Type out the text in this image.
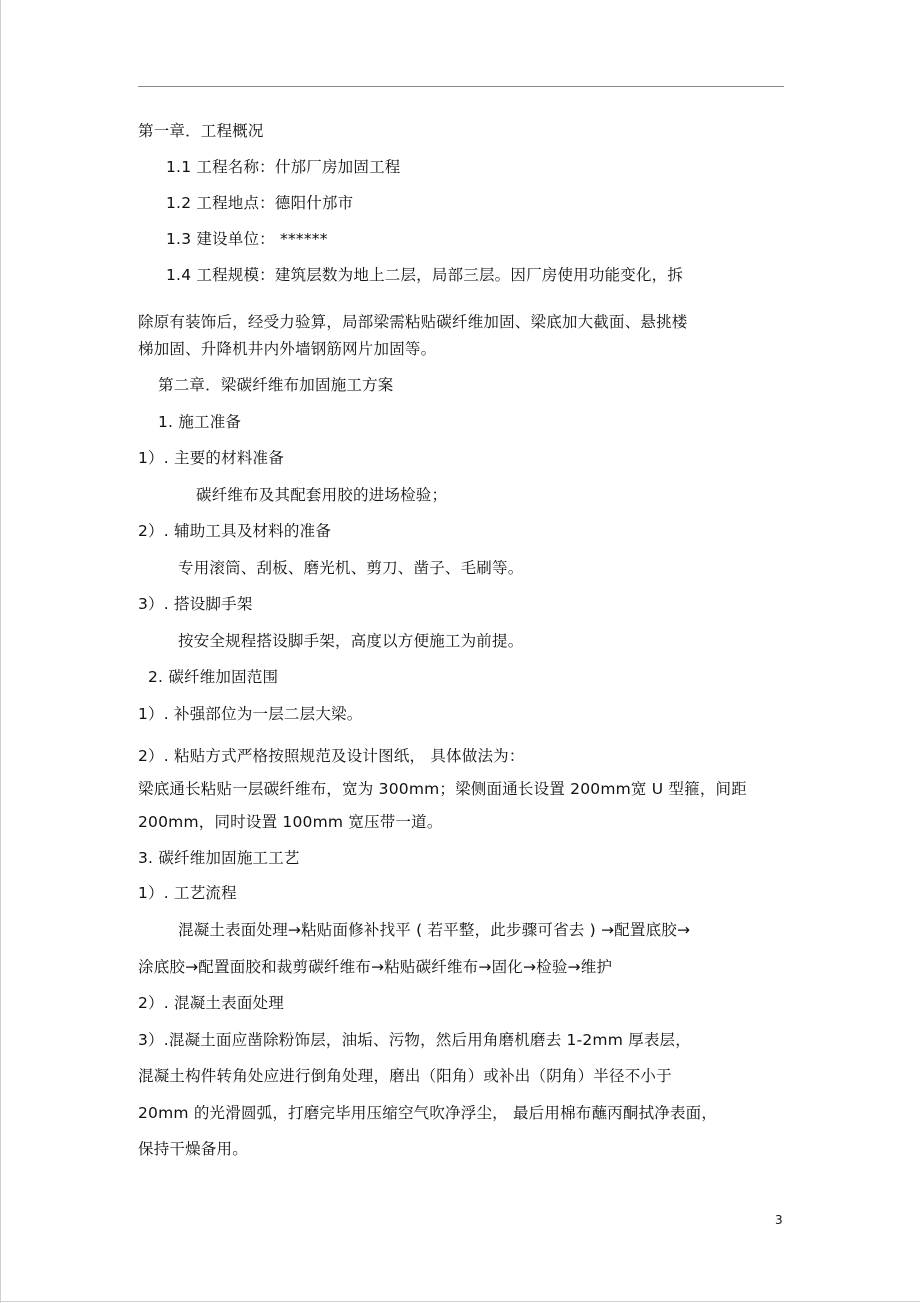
第一章．工程概况
1.1 工程名称：什邡厂房加固工程
1.2 工程地点：德阳什邡市
1.3 建设单位： ******
1.4 工程规模：建筑层数为地上二层，局部三层。因厂房使用功能变化，拆
除原有装饰后，经受力验算，局部梁需粘贴碳纤维加固、梁底加大截面、悬挑楼
梯加固、升降机井内外墙钢筋网片加固等。
第二章．梁碳纤维布加固施工方案
1. 施工准备
1）. 主要的材料准备
碳纤维布及其配套用胶的进场检验；
2）. 辅助工具及材料的准备
专用滚筒、刮板、磨光机、剪刀、凿子、毛刷等。
3）. 搭设脚手架
按安全规程搭设脚手架，高度以方便施工为前提。
2. 碳纤维加固范围
1）. 补强部位为一层二层大梁。
2）. 粘贴方式严格按照规范及设计图纸， 具体做法为：
梁底通长粘贴一层碳纤维布，宽为 300mm；梁侧面通长设置 200mm宽 U 型箍，间距
200mm，同时设置 100mm 宽压带一道。
3. 碳纤维加固施工工艺
1）. 工艺流程
混凝土表面处理→粘贴面修补找平 ( 若平整，此步骤可省去 ) →配置底胶→
涂底胶→配置面胶和裁剪碳纤维布→粘贴碳纤维布→固化→检验→维护
2）. 混凝土表面处理
3）.混凝土面应凿除粉饰层，油垢、污物，然后用角磨机磨去 1-2mm 厚表层，
混凝土构件转角处应进行倒角处理，磨出（阳角）或补出（阴角）半径不小于
20mm 的光滑圆弧，打磨完毕用压缩空气吹净浮尘， 最后用棉布蘸丙酮拭净表面，
保持干燥备用。
3
